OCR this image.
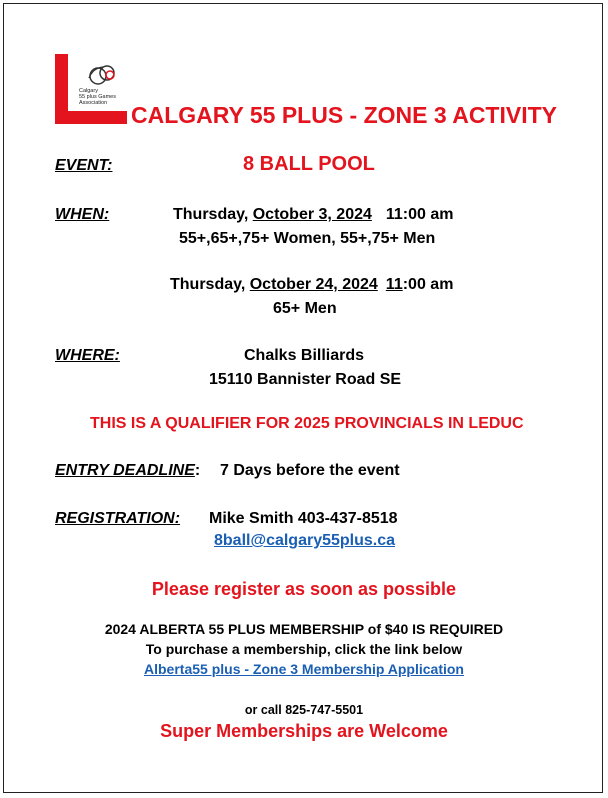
Calgary
55 plus Games
Association CALGARY 55 PLUS - ZONE 3 ACTIVITY
EVENT:	8 BALL POOL
WHEN:	Thursday, October 3, 2024 11:00 am
55+,65+,75+ Women, 55+,75+ Men
Thursday, October 24, 2024 11:00 am
65+ Men
WHERE:	Chalks Billiards
15110 Bannister Road SE
THIS IS A QUALIFIER FOR 2025 PROVINCIALS IN LEDUC
ENTRY DEADLINE: 7 Days before the event
REGISTRATION: Mike Smith 403-437-8518
8ball@calgary55plus.ca
Please register as soon as possible
2024 ALBERTA 55 PLUS MEMBERSHIP of $40 IS REQUIRED
To purchase a membership, click the link below
Alberta55 plus - Zone 3 Membership Application
or call 825-747-5501
Super Memberships are Welcome
